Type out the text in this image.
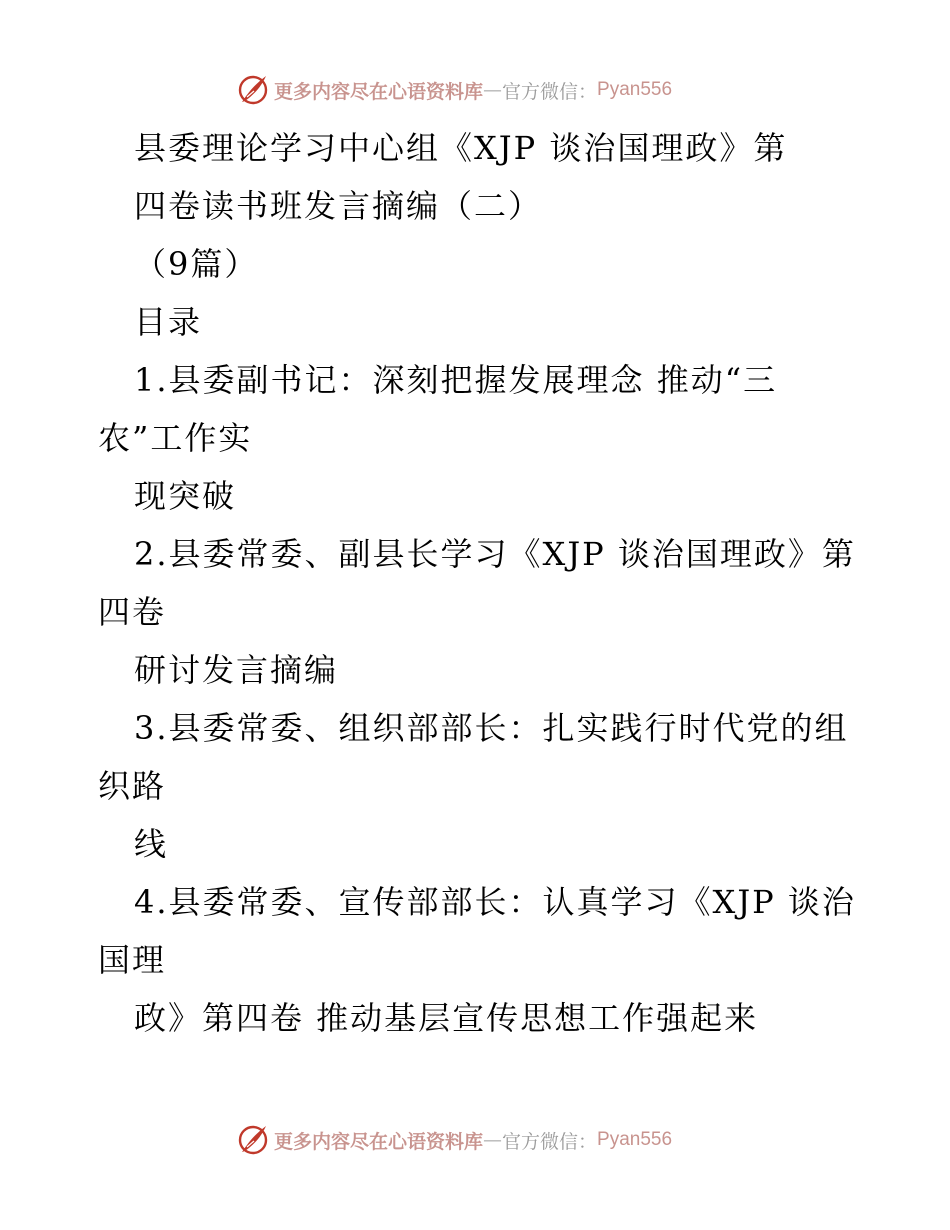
更多内容尽在心语资料库 — 官方微信： Pyan556
县委理论学习中心组《XJP 谈治国理政》第
四卷读书班发言摘编（二）
（9篇）
目录
1.县委副书记：深刻把握发展理念 推动“三
农”工作实
现突破
2.县委常委、副县长学习《XJP 谈治国理政》第
四卷
研讨发言摘编
3.县委常委、组织部部长：扎实践行时代党的组
织路
线
4.县委常委、宣传部部长：认真学习《XJP 谈治
国理
政》第四卷 推动基层宣传思想工作强起来
更多内容尽在心语资料库 — 官方微信： Pyan556
